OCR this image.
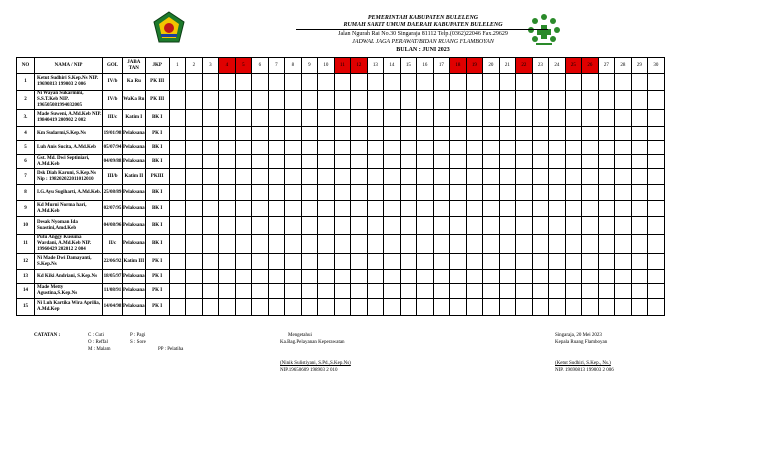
PEMERINTAH KABUPATEN BULELENG
RUMAH SAKIT UMUM DAERAH KABUPATEN BULELENG
Jalan Ngurah Rai No.30 Singaraja 81112 Telp.(0362)22046 Fax.29629
JADWAL JAGA PERAWAT/BIDAN RUANG FLAMBOYAN
BULAN : JUNI 2023
NO	NAMA / NIP	GOL	JABA TAN	JKP	1	2	3	4	5	6	7	8	9	10	11	12	13	14	15	16	17	18	19	20	21	22	23	24	25	26	27	28	29	30
1	Ketut Sudhiri S.Kep.Ns NIP. 19690813 199003 2 006	IV/b	Ka Ru	PK III																														
2	Ni Wayan Sukarmini, S.S.T.Keb NIP. 196505081994032005	IV/b	WaKa Ru	PK III																														
3.	Made Suweni, A.Md.Keb NIP. 19840419 200902 2 002	III/c	Katim I	BK I																														
4	Km Sudarmi,S.Kep.Ns	19/01/98	Pelaksana	PK I																														
5	Luh Anis Sucita, A.Md.Keb	05/07/94	Pelaksana	BK I																														
6	Gst. Md. Dwi Septiniari, A.Md.Keb	04/09/88	Pelaksana	BK I																														
7	Dsk Diah Karuni, S.Kep.Ns Nip : 198202022011012010	III/b	Katim II	PKIII																														
8	I.G.Ayu Sugiharti, A.Md.Keb.	25/08/89	Pelaksana	BK I																														
9	Kd Murni Norma hari, A.Md.Keb	02/07/95	Pelaksana	BK I																														
10	Desak Nyoman Ida Suastini,Amd.Keb	04/08/96	Pelaksana	BK I																														
11	Putu Anggy Kusuma Wardani, A.Md.Keb NIP. 19960429 202012 2 004	II/c	Pelaksana	BK I																														
12	Ni Made Dwi Damayanti, S.Kep.Ns	22/06/92	Katim III	PK I																														
13	Kd Kiki Andriani, S.Kep.Ns	18/05/97	Pelaksana	PK I																														
14	Made Metty Agustina,S.Kep.Ns	11/08/91	Pelaksana	PK I																														
15	Ni Luh Kartika Wira Aprilia, A.Md.Kep	14/04/98	Pelaksana	PK I																														
CATATAN :	C : Cuti
O : Reffal
M : Malam
P : Pagi
S : Sore
PP : Pelatiha
Mengetahui
Ka.Bag.Pelayanan Keperawatan
(Ninik Sulistiyani, S.Pd.,S.Kep.Ns)
NIP.19650609 198903 2 010
Singaraja, 20 Mei 2023
Kepala Ruang Flamboyan
(Ketut Sudhiri, S.Kep., Ns.)
NIP. 19690813 199003 2 006
